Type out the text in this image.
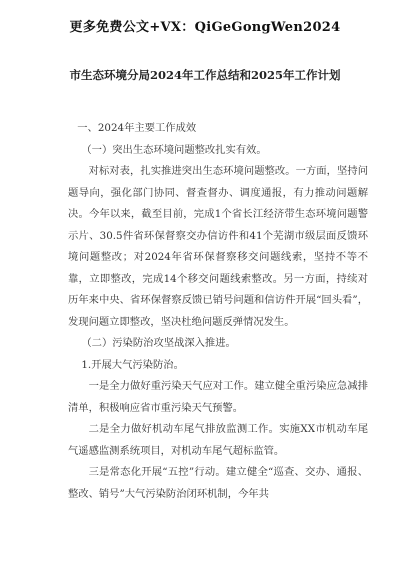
更多免费公文+VX：QiGeGongWen2024
市生态环境分局2024年工作总结和2025年工作计划

一、2024年主要工作成效

（一）突出生态环境问题整改扎实有效。

对标对表，扎实推进突出生态环境问题整改。一方面，坚持问题导向，强化部门协同、督查督办、调度通报，有力推动问题解决。今年以来，截至目前，完成1个省长江经济带生态环境问题警示片、30.5件省环保督察交办信访件和41个芜湖市级层面反馈环境问题整改；对2024年省环保督察移交问题线索，坚持不等不靠，立即整改，完成14个移交问题线索整改。另一方面，持续对历年来中央、省环保督察反馈已销号问题和信访件开展“回头看”，发现问题立即整改，坚决杜绝问题反弹情况发生。

（二）污染防治攻坚战深入推进。

1.开展大气污染防治。

一是全力做好重污染天气应对工作。建立健全重污染应急减排清单，积极响应省市重污染天气预警。

二是全力做好机动车尾气排放监测工作。实施XX市机动车尾气遥感监测系统项目，对机动车尾气超标监管。

三是常态化开展“五控”行动。建立健全“巡查、交办、通报、整改、销号”大气污染防治闭环机制，今年共
